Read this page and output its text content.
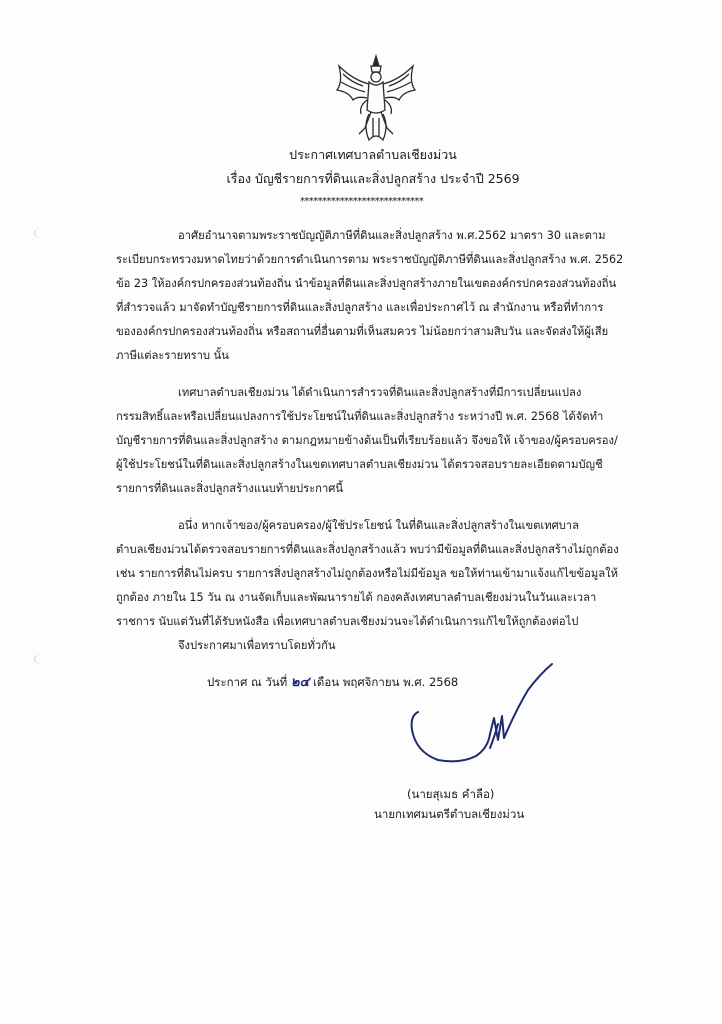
ประกาศเทศบาลตำบลเชียงม่วน
เรื่อง บัญชีรายการที่ดินและสิ่งปลูกสร้าง ประจำปี 2569
****************************
อาศัยอำนาจตามพระราชบัญญัติภาษีที่ดินและสิ่งปลูกสร้าง พ.ศ.2562 มาตรา 30 และตาม
ระเบียบกระทรวงมหาดไทยว่าด้วยการดำเนินการตาม พระราชบัญญัติภาษีที่ดินและสิ่งปลูกสร้าง พ.ศ. 2562
ข้อ 23 ให้องค์กรปกครองส่วนท้องถิ่น นำข้อมูลที่ดินและสิ่งปลูกสร้างภายในเขตองค์กรปกครองส่วนท้องถิ่น
ที่สำรวจแล้ว มาจัดทำบัญชีรายการที่ดินและสิ่งปลูกสร้าง และเพื่อประกาศไว้ ณ สำนักงาน หรือที่ทำการ
ขององค์กรปกครองส่วนท้องถิ่น หรือสถานที่อื่นตามที่เห็นสมควร ไม่น้อยกว่าสามสิบวัน และจัดส่งให้ผู้เสีย
ภาษีแต่ละรายทราบ นั้น
เทศบาลตำบลเชียงม่วน ได้ดำเนินการสำรวจที่ดินและสิ่งปลูกสร้างที่มีการเปลี่ยนแปลง
กรรมสิทธิ์และหรือเปลี่ยนแปลงการใช้ประโยชน์ในที่ดินและสิ่งปลูกสร้าง ระหว่างปี พ.ศ. 2568 ได้จัดทำ
บัญชีรายการที่ดินและสิ่งปลูกสร้าง ตามกฎหมายข้างต้นเป็นที่เรียบร้อยแล้ว จึงขอให้ เจ้าของ/ผู้ครอบครอง/
ผู้ใช้ประโยชน์ในที่ดินและสิ่งปลูกสร้างในเขตเทศบาลตำบลเชียงม่วน ได้ตรวจสอบรายละเอียดตามบัญชี
รายการที่ดินและสิ่งปลูกสร้างแนบท้ายประกาศนี้
อนึ่ง หากเจ้าของ/ผู้ครอบครอง/ผู้ใช้ประโยชน์ ในที่ดินและสิ่งปลูกสร้างในเขตเทศบาล
ตำบลเชียงม่วนได้ตรวจสอบรายการที่ดินและสิ่งปลูกสร้างแล้ว พบว่ามีข้อมูลที่ดินและสิ่งปลูกสร้างไม่ถูกต้อง
เช่น รายการที่ดินไม่ครบ รายการสิ่งปลูกสร้างไม่ถูกต้องหรือไม่มีข้อมูล ขอให้ท่านเข้ามาแจ้งแก้ไขข้อมูลให้
ถูกต้อง ภายใน 15 วัน ณ งานจัดเก็บและพัฒนารายได้ กองคลังเทศบาลตำบลเชียงม่วนในวันและเวลา
ราชการ นับแต่วันที่ได้รับหนังสือ เพื่อเทศบาลตำบลเชียงม่วนจะได้ดำเนินการแก้ไขให้ถูกต้องต่อไป
จึงประกาศมาเพื่อทราบโดยทั่วกัน
ประกาศ ณ วันที่ ๒๔ เดือน พฤศจิกายน พ.ศ. 2568
(นายสุเมธ คำลือ)
นายกเทศมนตรีตำบลเชียงม่วน
